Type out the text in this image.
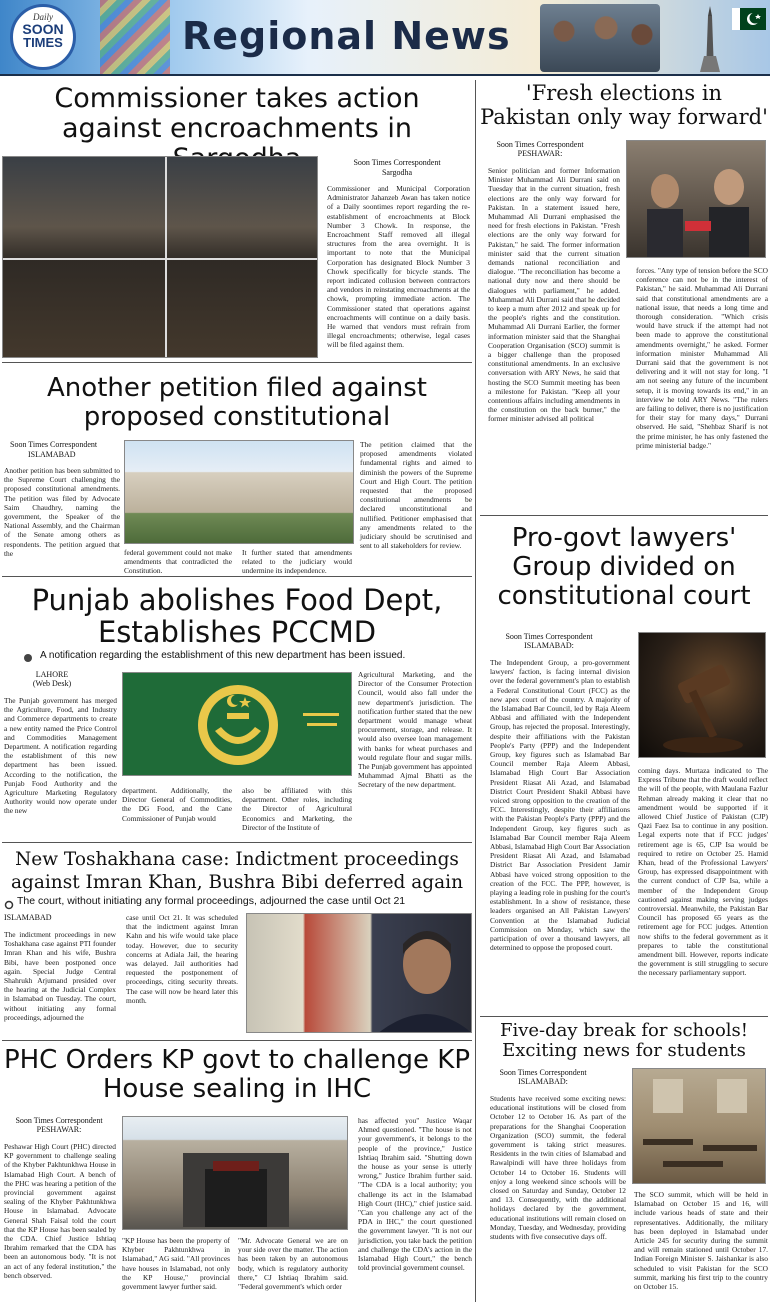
Daily
SOON
TIMES	Regional News
Commissioner takes action against encroachments in
Soon Times Correspondent
Sargodha
Commissioner and Municipal Corporation Administrator Jahanzeb Awan has taken notice of a Daily soontimes report regarding the re-establishment of encroachments at Block Number 3 Chowk. In response, the Encroachment Staff removed all illegal structures from the area overnight. It is important to note that the Municipal Corporation has designated Block Number 3 Chowk specifically for bicycle stands. The report indicated collusion between contractors and vendors in reinstating encroachments at the chowk, prompting immediate action. The Commissioner stated that operations against encroachments will continue on a daily basis. He warned that vendors must refrain from illegal encroachments; otherwise, legal cases will be filed against them.
Another petition filed against proposed constitutional
Soon Times Correspondent
ISLAMABAD
Another petition has been submitted to the Supreme Court challenging the proposed constitutional amendments. The petition was filed by Advocate Saim Chaudhry, naming the government, the Speaker of the National Assembly, and the Chairman of the Senate among others as respondents. The petition argued that the	federal government could not make amendments that contradicted the Constitution.
It further stated that amendments related to the judiciary would undermine its independence.
The petition claimed that the proposed amendments violated fundamental rights and aimed to diminish the powers of the Supreme Court and High Court. The petition requested that the proposed constitutional amendments be declared unconstitutional and nullified. Petitioner emphasised that any amendments related to the judiciary should be scrutinised and sent to all stakeholders for review.
Punjab abolishes Food Dept, Establishes PCCMD
A notification regarding the establishment of this new department has been issued.
LAHORE
(Web Desk)
The Punjab government has merged the Agriculture, Food, and Industry and Commerce departments to create a new entity named the Price Control and Commodities Management Department. A notification regarding the establishment of this new department has been issued. According to the notification, the Punjab Food Authority and the Agriculture Marketing Regulatory Authority would now operate under the new
department. Additionally, the Director General of Commodities, the DG Food, and the Cane Commissioner of Punjab would
also be affiliated with this department. Other roles, including the Director of Agricultural Economics and Marketing, the Director of the Institute of
Agricultural Marketing, and the Director of the Consumer Protection Council, would also fall under the new department's jurisdiction. The notification further stated that the new department would manage wheat procurement, storage, and release. It would also oversee loan management with banks for wheat purchases and would regulate flour and sugar mills. The Punjab government has appointed Muhammad Ajmal Bhatti as the Secretary of the new department.
New Toshakhana case: Indictment proceedings against Imran Khan, Bushra Bibi deferred again
The court, without initiating any formal proceedings, adjourned the case until Oct 21
ISLAMABAD
The indictment proceedings in new Toshakhana case against PTI founder Imran Khan and his wife, Bushra Bibi, have been postponed once again. Special Judge Central Shahrukh Arjumand presided over the hearing at the Judicial Complex in Islamabad on Tuesday. The court, without initiating any formal proceedings, adjourned the
case until Oct 21. It was scheduled that the indictment against Imran Kahn and his wife would take place today. However, due to security concerns at Adiala Jail, the hearing was delayed. Jail authorities had requested the postponement of proceedings, citing security threats. The case will now be heard later this month.
PHC Orders KP govt to challenge KP House sealing in IHC
Soon Times Correspondent
PESHAWAR:
Peshawar High Court (PHC) directed KP government to challenge sealing of the Khyber Pakhtunkhwa House in Islamabad High Court. A bench of the PHC was hearing a petition of the provincial government against sealing of the Khyber Pakhtunkhwa House in Islamabad. Advocate General Shah Faisal told the court that the KP House has been sealed by the CDA. Chief Justice Ishtiaq Ibrahim remarked that the CDA has been an autonomous body. "It is not an act of any federal institution," the bench observed.
"KP House has been the property of Khyber Pakhtunkhwa in Islamabad," AG said. "All provinces have houses in Islamabad, not only the KP House," provincial government lawyer further said.
"Mr. Advocate General we are on your side over the matter. The action has been taken by an autonomous body, which is regulatory authority there," CJ Ishtiaq Ibrahim said. "Federal government's which order
has affected you" Justice Waqar Ahmed questioned. "The house is not your government's, it belongs to the people of the province," Justice Ishtiaq Ibrahim said. "Shutting down the house as your sense is utterly wrong," Justice Ibrahim further said. "The CDA is a local authority; you challenge its act in the Islamabad High Court (IHC)," chief justice said. "Can you challenge any act of the PDA in IHC," the court questioned the government lawyer. "It is not our jurisdiction, you take back the petition and challenge the CDA's action in the Islamabad High Court," the bench told provincial government counsel.
'Fresh elections in Pakistan only way forward'
Soon Times Correspondent
PESHAWAR:
Senior politician and former Information Minister Muhammad Ali Durrani said on Tuesday that in the current situation, fresh elections are the only way forward for Pakistan. In a statement issued here, Muhammad Ali Durrani emphasised the need for fresh elections in Pakistan. "Fresh elections are the only way forward for Pakistan," he said. The former information minister said that the current situation demands national reconciliation and dialogue. "The reconciliation has become a national duty now and there should be dialogues with parliament," he added. Muhammad Ali Durrani said that he decided to keep a mum after 2012 and speak up for the people's rights and the constitution. Muhammad Ali Durrani Earlier, the former information minister said that the Shanghai Cooperation Organisation (SCO) summit is a bigger challenge than the proposed constitutional amendments. In an exclusive conversation with ARY News, he said that hosting the SCO Summit meeting has been a milestone for Pakistan. "Keep all your contentious affairs including amendments in the constitution on the back burner," the former minister advised all political
forces. "Any type of tension before the SCO conference can not be in the interest of Pakistan," he said. Muhammad Ali Durrani said that constitutional amendments are a national issue, that needs a long time and thorough consideration. "Which crisis would have struck if the attempt had not been made to approve the constitutional amendments overnight," he asked. Former information minister Muhammad Ali Durrani said that the government is not delivering and it will not stay for long. "I am not seeing any future of the incumbent setup, it is moving towards its end," in an interview he told ARY News. "The rulers are failing to deliver, there is no justification for their stay for many days," Durrani observed. He said, "Shehbaz Sharif is not the prime minister, he has only fastened the prime ministerial badge."
Pro-govt lawyers' Group divided on constitutional court
Soon Times Correspondent
ISLAMABAD:
The Independent Group, a pro-government lawyers' faction, is facing internal division over the federal government's plan to establish a Federal Constitutional Court (FCC) as the new apex court of the country. A majority of the Islamabad Bar Council, led by Raja Aleem Abbasi and affiliated with the Independent Group, has rejected the proposal. Interestingly, despite their affiliations with the Pakistan People's Party (PPP) and the Independent Group, key figures such as Islamabad Bar Council member Raja Aleem Abbasi, Islamabad High Court Bar Association President Riasat Ali Azad, and Islamabad District Court President Shakil Abbasi have voiced strong opposition to the creation of the FCC. Interestingly, despite their affiliations with the Pakistan People's Party (PPP) and the Independent Group, key figures such as Islamabad Bar Council member Raja Aleem Abbasi, Islamabad High Court Bar Association President Riasat Ali Azad, and Islamabad District Bar Association President Jamir Abbasi have voiced strong opposition to the creation of the FCC. The PPP, however, is playing a leading role in pushing for the court's establishment. In a show of resistance, these leaders organised an All Pakistan Lawyers' Convention at the Islamabad Judicial Commission on Monday, which saw the participation of over a thousand lawyers, all determined to oppose the proposed court.
coming days. Murtaza indicated to The Express Tribune that the draft would reflect the will of the people, with Maulana Fazlur Rehman already making it clear that no amendment would be supported if it allowed Chief Justice of Pakistan (CJP) Qazi Faez Isa to continue in any position. Legal experts note that if FCC judges' retirement age is 65, CJP Isa would be required to retire on October 25. Hamid Khan, head of the Professional Lawyers' Group, has expressed disappointment with the current conduct of CJP Isa, while a member of the Independent Group cautioned against making serving judges controversial. Meanwhile, the Pakistan Bar Council has proposed 65 years as the retirement age for FCC judges. Attention now shifts to the federal government as it prepares to table the constitutional amendment bill. However, reports indicate the government is still struggling to secure the necessary parliamentary support.
Five-day break for schools! Exciting news for students
Soon Times Correspondent
ISLAMABAD:
Students have received some exciting news: educational institutions will be closed from October 12 to October 16. As part of the preparations for the Shanghai Cooperation Organization (SCO) summit, the federal government is taking strict measures. Residents in the twin cities of Islamabad and Rawalpindi will have three holidays from October 14 to October 16. Students will enjoy a long weekend since schools will be closed on Saturday and Sunday, October 12 and 13. Consequently, with the additional holidays declared by the government, educational institutions will remain closed on Monday, Tuesday, and Wednesday, providing students with five consecutive days off.
The SCO summit, which will be held in Islamabad on October 15 and 16, will include various heads of state and their representatives. Additionally, the military has been deployed in Islamabad under Article 245 for security during the summit and will remain stationed until October 17. Indian Foreign Minister S. Jaishankar is also scheduled to visit Pakistan for the SCO summit, marking his first trip to the country on October 15.
